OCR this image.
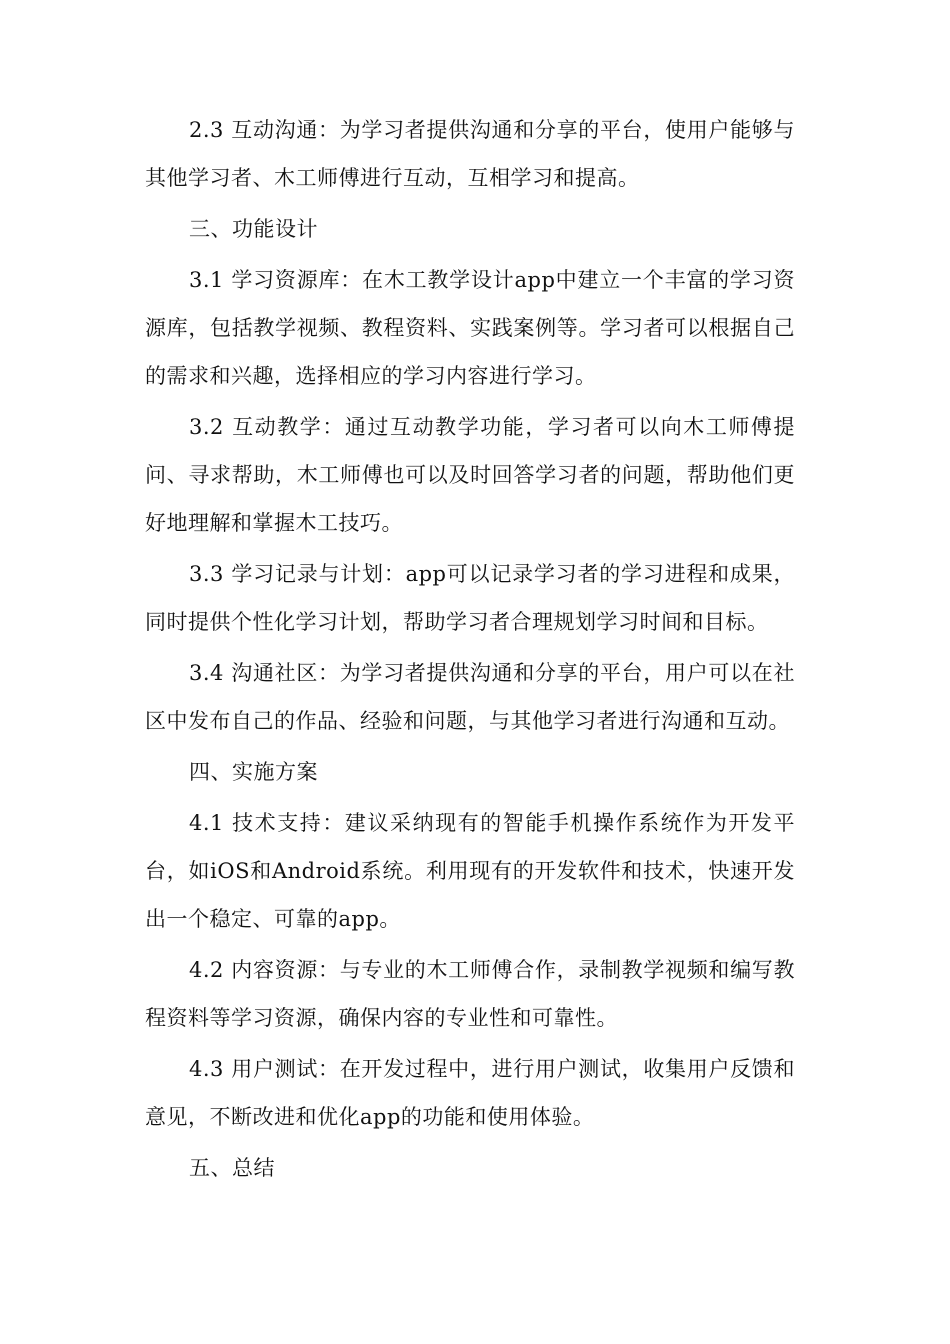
2.3 互动沟通：为学习者提供沟通和分享的平台，使用户能够与其他学习者、木工师傅进行互动，互相学习和提高。

三、功能设计

3.1 学习资源库：在木工教学设计app中建立一个丰富的学习资源库，包括教学视频、教程资料、实践案例等。学习者可以根据自己的需求和兴趣，选择相应的学习内容进行学习。

3.2 互动教学：通过互动教学功能，学习者可以向木工师傅提问、寻求帮助，木工师傅也可以及时回答学习者的问题，帮助他们更好地理解和掌握木工技巧。

3.3 学习记录与计划：app可以记录学习者的学习进程和成果，同时提供个性化学习计划，帮助学习者合理规划学习时间和目标。

3.4 沟通社区：为学习者提供沟通和分享的平台，用户可以在社区中发布自己的作品、经验和问题，与其他学习者进行沟通和互动。

四、实施方案

4.1 技术支持：建议采纳现有的智能手机操作系统作为开发平台，如iOS和Android系统。利用现有的开发软件和技术，快速开发出一个稳定、可靠的app。

4.2 内容资源：与专业的木工师傅合作，录制教学视频和编写教程资料等学习资源，确保内容的专业性和可靠性。

4.3 用户测试：在开发过程中，进行用户测试，收集用户反馈和意见，不断改进和优化app的功能和使用体验。

五、总结
